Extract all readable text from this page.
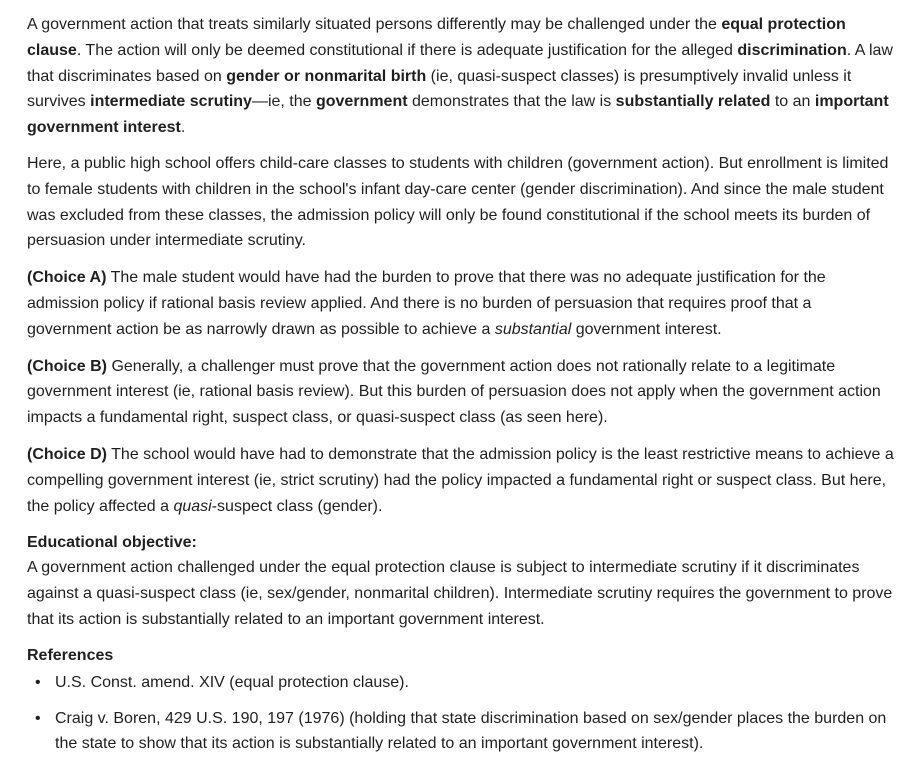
A government action that treats similarly situated persons differently may be challenged under the equal protection clause. The action will only be deemed constitutional if there is adequate justification for the alleged discrimination. A law that discriminates based on gender or nonmarital birth (ie, quasi-suspect classes) is presumptively invalid unless it survives intermediate scrutiny—ie, the government demonstrates that the law is substantially related to an important government interest.

Here, a public high school offers child-care classes to students with children (government action). But enrollment is limited to female students with children in the school's infant day-care center (gender discrimination). And since the male student was excluded from these classes, the admission policy will only be found constitutional if the school meets its burden of persuasion under intermediate scrutiny.

(Choice A) The male student would have had the burden to prove that there was no adequate justification for the admission policy if rational basis review applied. And there is no burden of persuasion that requires proof that a government action be as narrowly drawn as possible to achieve a substantial government interest.

(Choice B) Generally, a challenger must prove that the government action does not rationally relate to a legitimate government interest (ie, rational basis review). But this burden of persuasion does not apply when the government action impacts a fundamental right, suspect class, or quasi-suspect class (as seen here).

(Choice D) The school would have had to demonstrate that the admission policy is the least restrictive means to achieve a compelling government interest (ie, strict scrutiny) had the policy impacted a fundamental right or suspect class. But here, the policy affected a quasi-suspect class (gender).

Educational objective:

A government action challenged under the equal protection clause is subject to intermediate scrutiny if it discriminates against a quasi-suspect class (ie, sex/gender, nonmarital children). Intermediate scrutiny requires the government to prove that its action is substantially related to an important government interest.

References
• U.S. Const. amend. XIV (equal protection clause).
• Craig v. Boren, 429 U.S. 190, 197 (1976) (holding that state discrimination based on sex/gender places the burden on the state to show that its action is substantially related to an important government interest).
